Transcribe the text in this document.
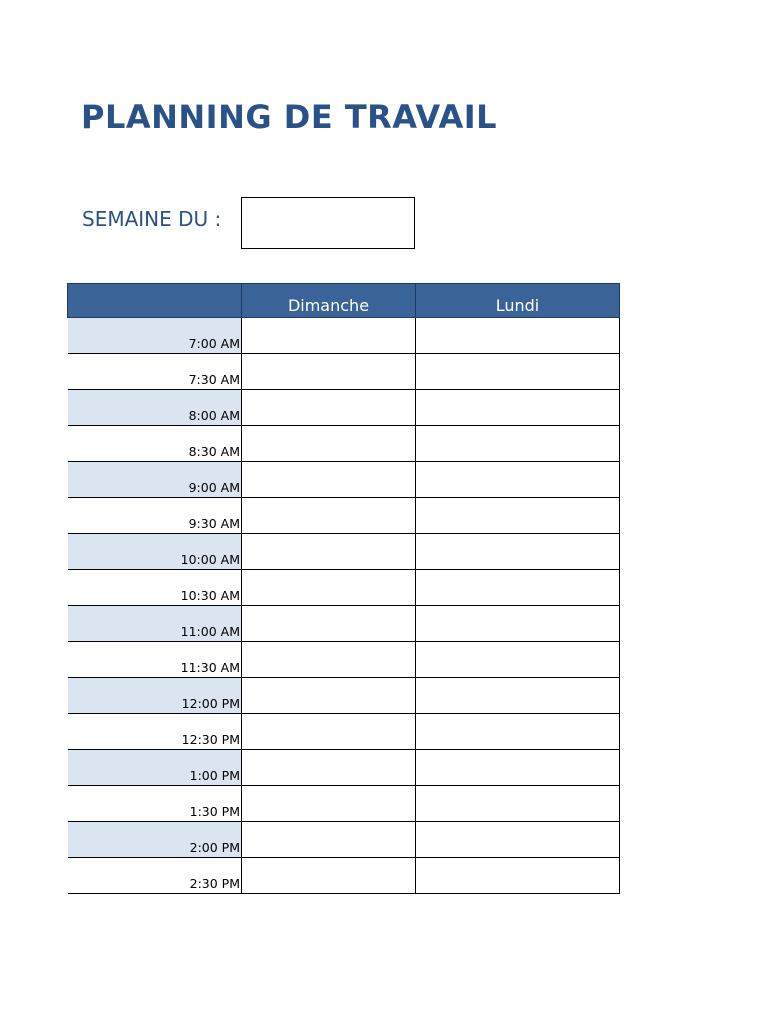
PLANNING DE TRAVAIL
SEMAINE DU :
	Dimanche	Lundi
7:00 AM		
7:30 AM		
8:00 AM		
8:30 AM		
9:00 AM		
9:30 AM		
10:00 AM		
10:30 AM		
11:00 AM		
11:30 AM		
12:00 PM		
12:30 PM		
1:00 PM		
1:30 PM		
2:00 PM		
2:30 PM		
